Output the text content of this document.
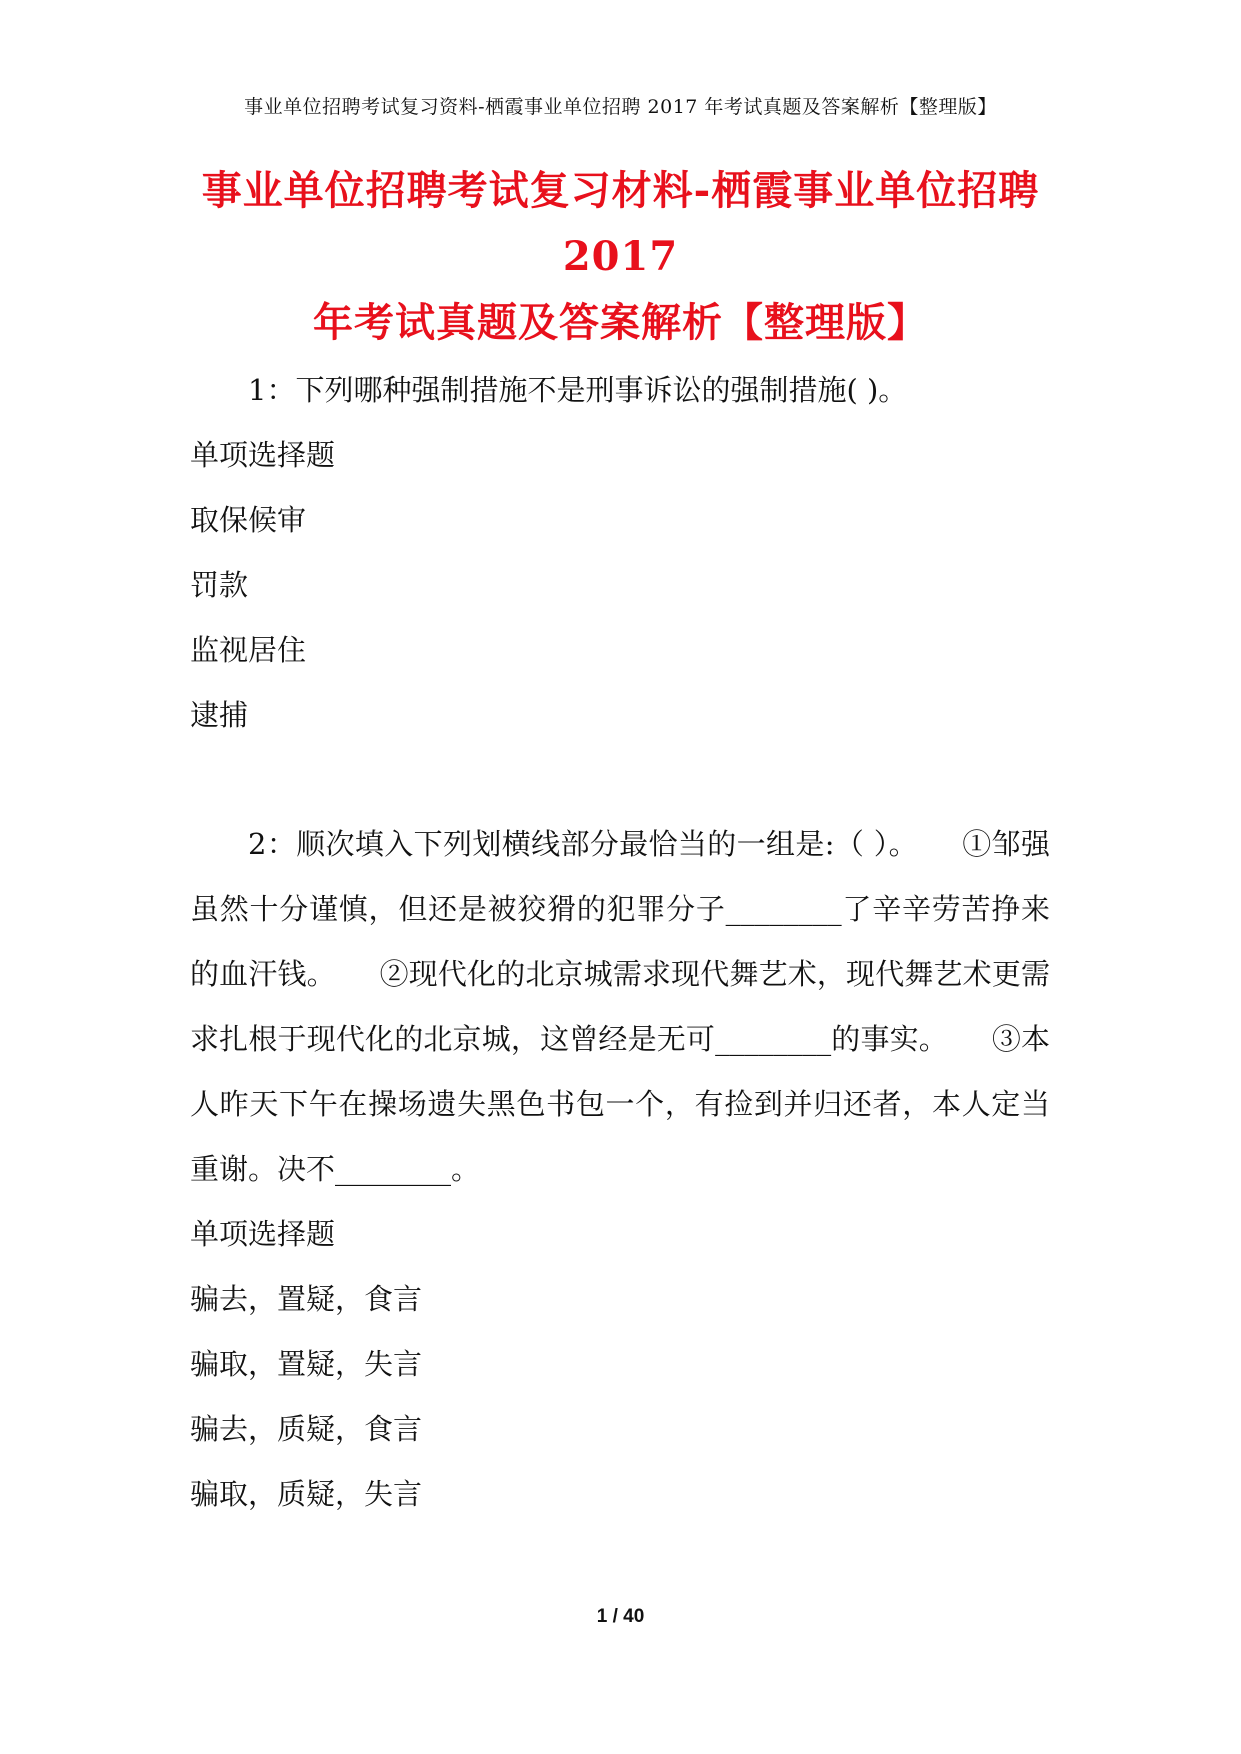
事业单位招聘考试复习资料-栖霞事业单位招聘 2017 年考试真题及答案解析【整理版】
事业单位招聘考试复习材料-栖霞事业单位招聘 2017
年考试真题及答案解析【整理版】

1：下列哪种强制措施不是刑事诉讼的强制措施( )。

单项选择题

取保候审

罚款

监视居住

逮捕

2：顺次填入下列划横线部分最恰当的一组是:（ ）。　　①邹强虽然十分谨慎，但还是被狡猾的犯罪分子________了辛辛劳苦挣来的血汗钱。　　②现代化的北京城需求现代舞艺术，现代舞艺术更需求扎根于现代化的北京城，这曾经是无可________的事实。　　③本人昨天下午在操场遗失黑色书包一个，有捡到并归还者，本人定当重谢。决不________。

单项选择题

骗去，置疑，食言

骗取，置疑，失言

骗去，质疑，食言

骗取，质疑，失言

1 / 40
